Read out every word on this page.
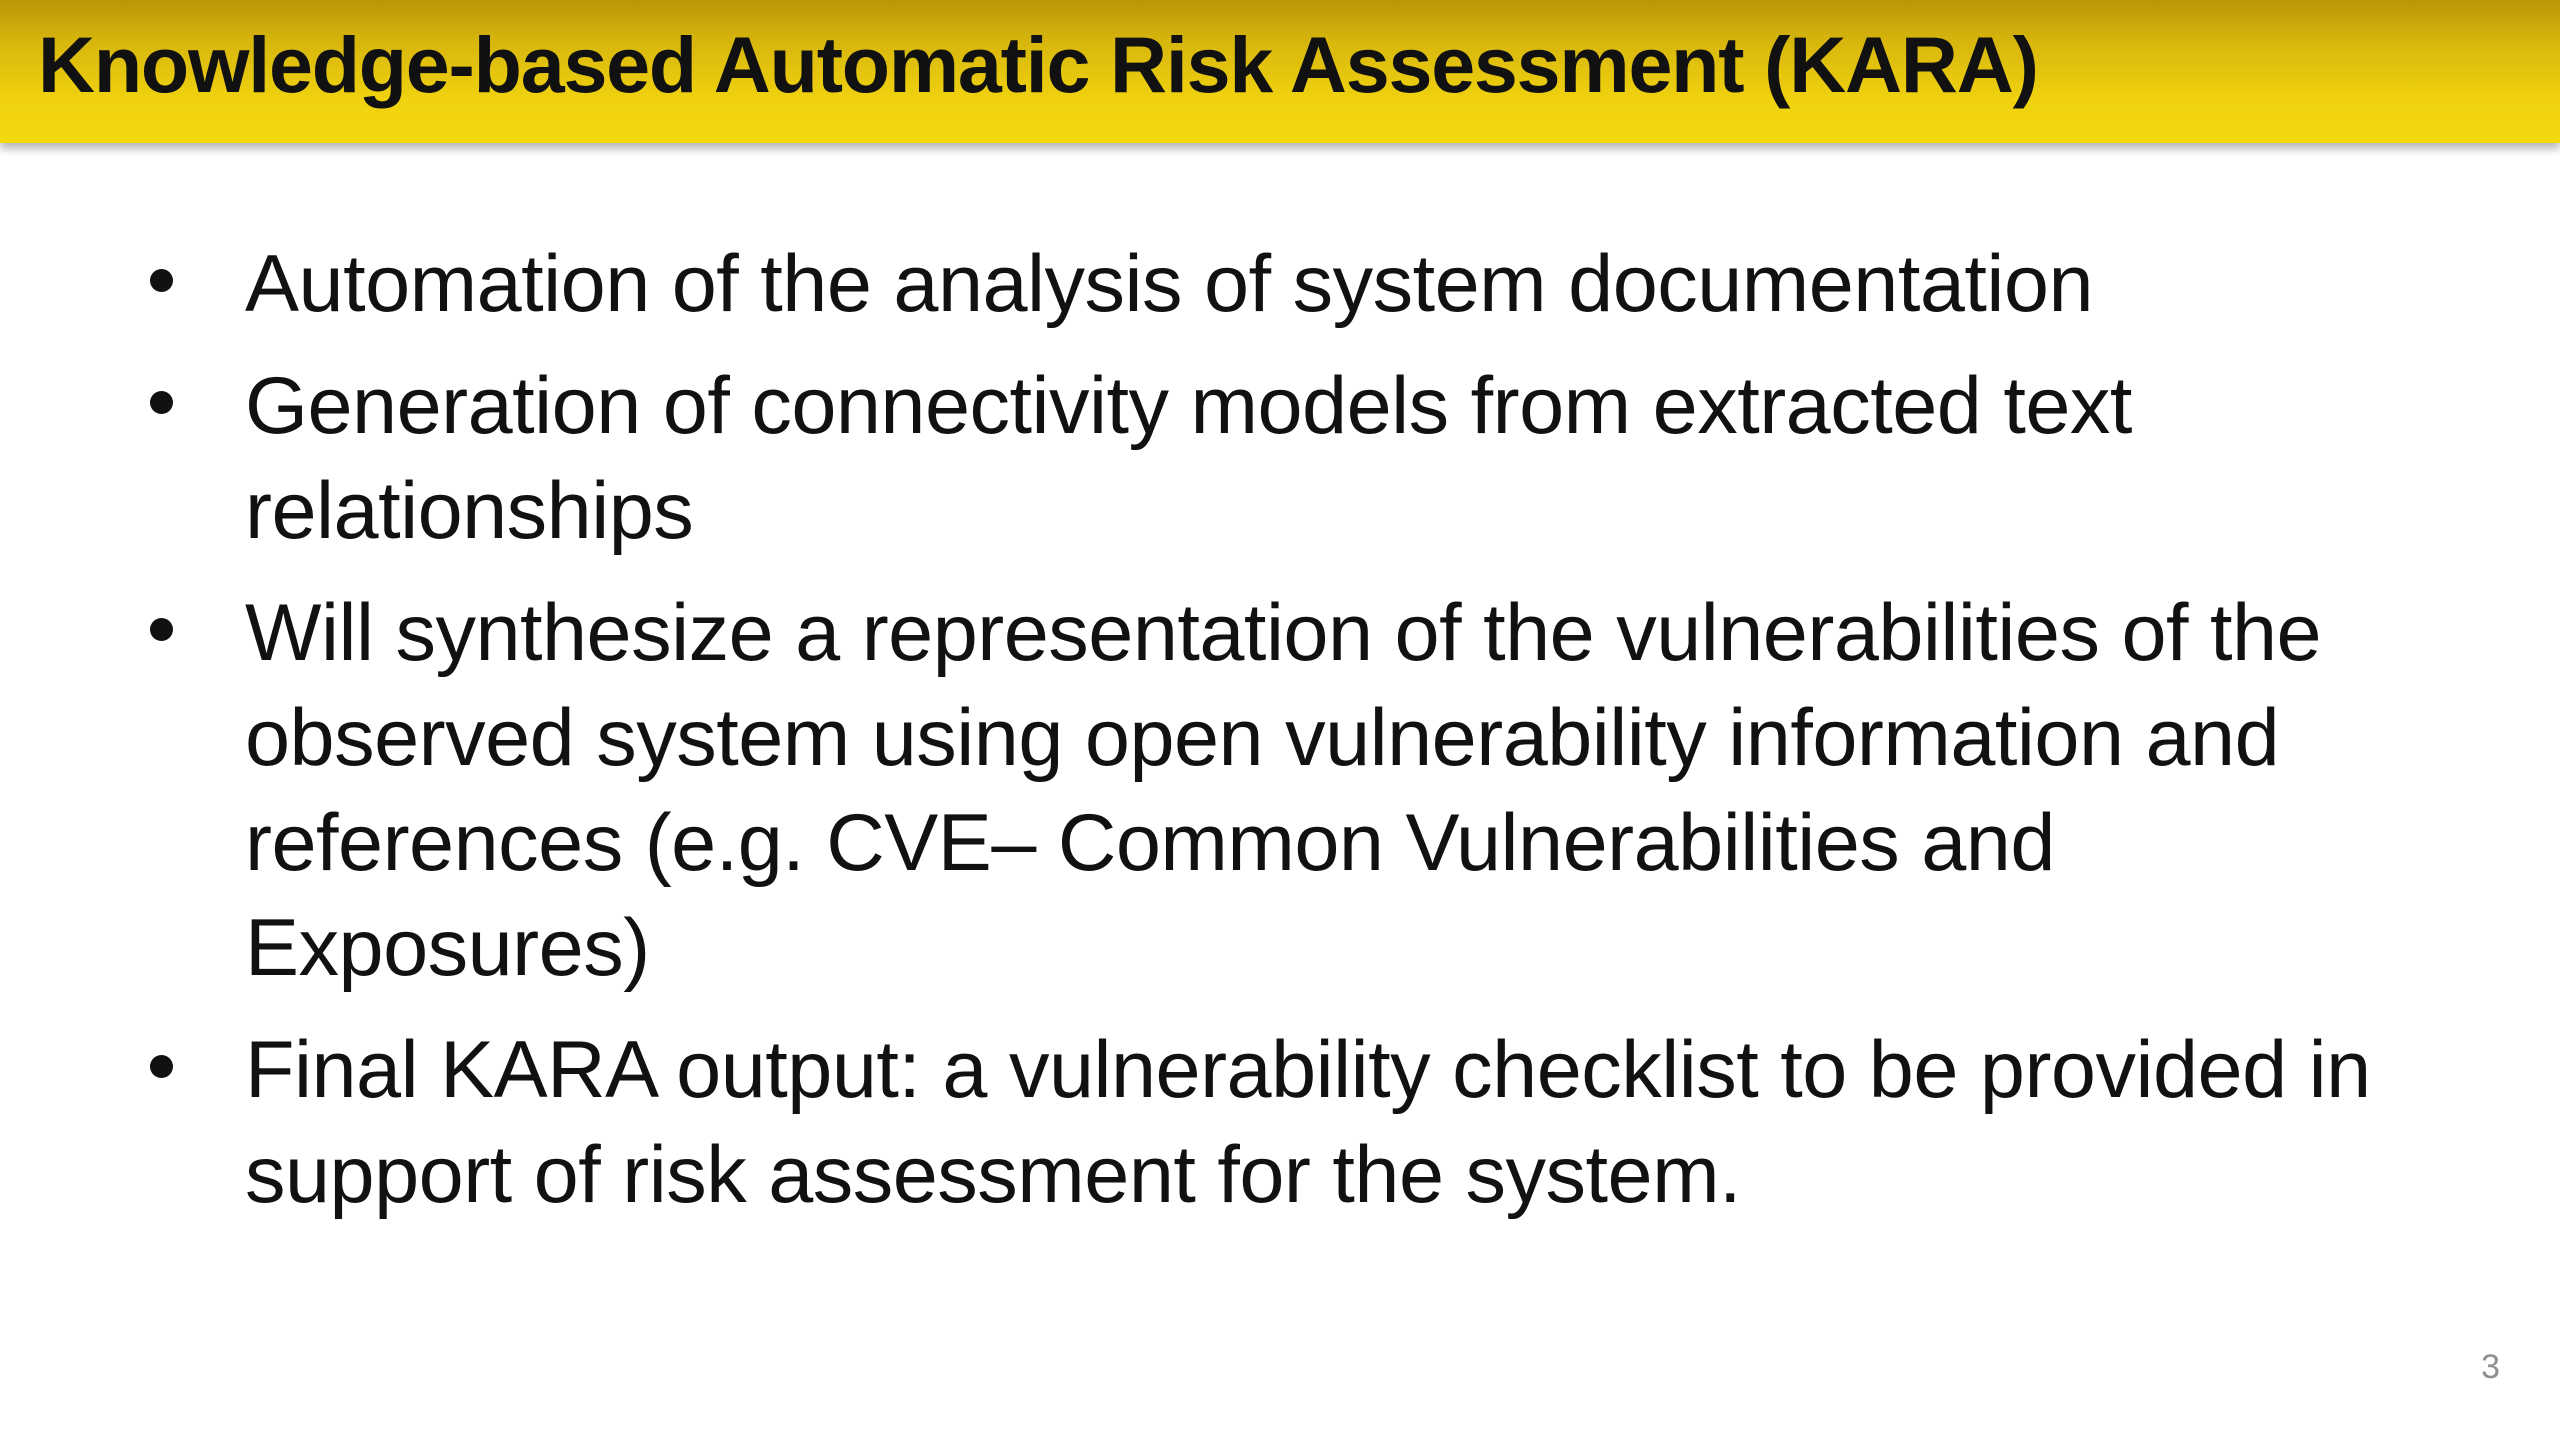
Knowledge-based Automatic Risk Assessment (KARA)
Automation of the analysis of system documentation
Generation of connectivity models from extracted text relationships
Will synthesize a representation of the vulnerabilities of the observed system using open vulnerability information and references (e.g. CVE– Common Vulnerabilities and Exposures)
Final KARA output: a vulnerability checklist to be provided in support of risk assessment for the system.
3
